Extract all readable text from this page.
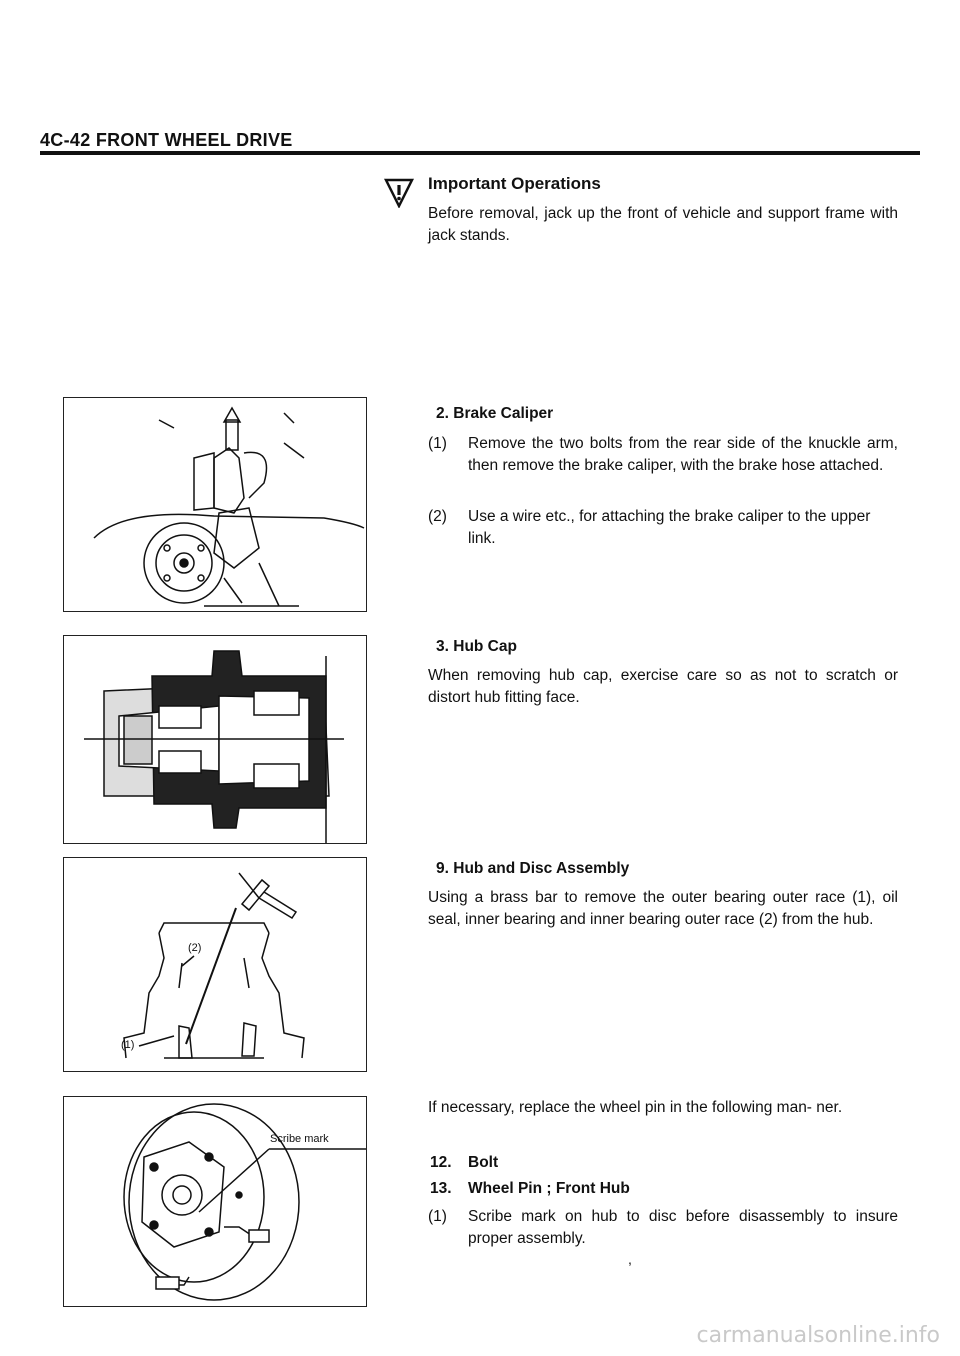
4C-42 FRONT WHEEL DRIVE
Important Operations
Before removal, jack up the front of vehicle and support frame with jack stands.
2. Brake Caliper
(1) Remove the two bolts from the rear side of the knuckle arm, then remove the brake caliper, with the brake hose attached.
(2) Use a wire etc., for attaching the brake caliper to the upper link.
3. Hub Cap
When removing hub cap, exercise care so as not to scratch or distort hub fitting face.
9. Hub and Disc Assembly
Using a brass bar to remove the outer bearing outer race (1), oil seal, inner bearing and inner bearing outer race (2) from the hub.
If necessary, replace the wheel pin in the following man- ner.
12. Bolt
13. Wheel Pin ; Front Hub
(1) Scribe mark on hub to disc before disassembly to insure proper assembly.
,
(2)
(1)
Scribe mark
carmanualsonline.info
